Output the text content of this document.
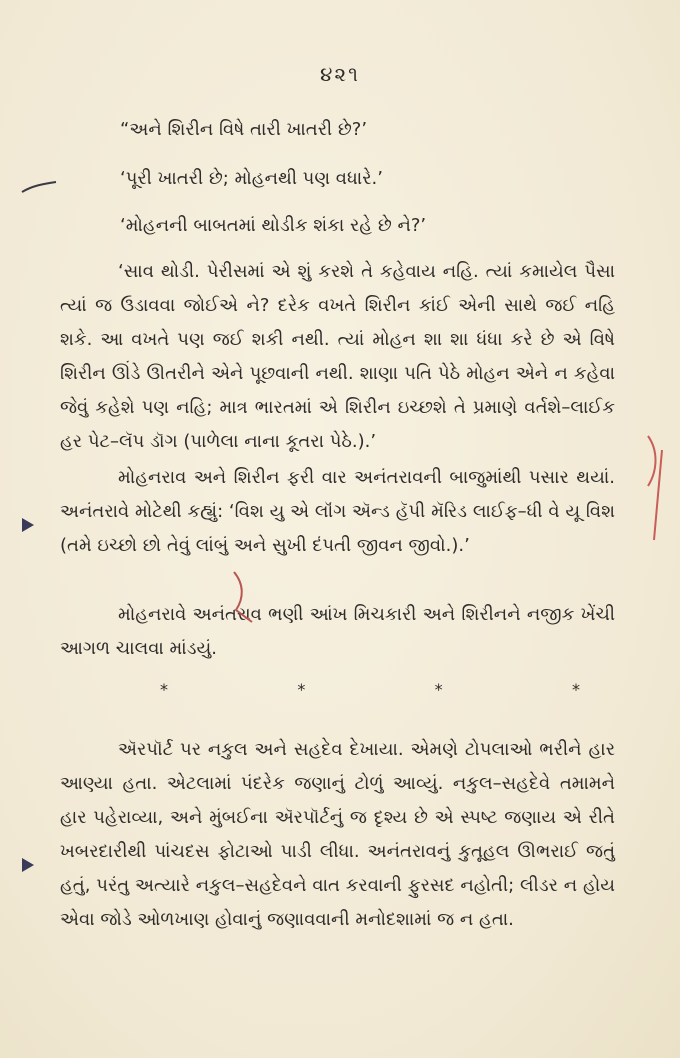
૪૨૧
“અને શિરીન વિષે તારી ખાતરી છે?’
‘પૂરી ખાતરી છે; મોહનથી પણ વધારે.’
‘મોહનની બાબતમાં થોડીક શંકા રહે છે ને?’
‘સાવ થોડી. પેરીસમાં એ શું કરશે તે કહેવાય નહિ. ત્યાં કમાયેલ પૈસા ત્યાં જ ઉડાવવા જોઈએ ને? દરેક વખતે શિરીન કાંઈ એની સાથે જઈ નહિ શકે. આ વખતે પણ જઈ શકી નથી. ત્યાં મોહન શા શા ધંધા કરે છે એ વિષે શિરીન ઊંડે ઊતરીને એને પૂછવાની નથી. શાણા પતિ પેઠે મોહન એને ન કહેવા જેવું કહેશે પણ નહિ; માત્ર ભારતમાં એ શિરીન ઇચ્છશે તે પ્રમાણે વર્તશે–લાઈક હર પેટ–લૅપ ડૉગ (પાળેલા નાના કૂતરા પેઠે.).’
મોહનરાવ અને શિરીન ફરી વાર અનંતરાવની બાજુમાંથી પસાર થયાં. અનંતરાવે મોટેથી કહ્યું: ‘વિશ યુ એ લૉંગ ઍન્ડ હૅપી મૅરિડ લાઈફ–ધી વે યૂ વિશ (તમે ઇચ્છો છો તેવું લાંબું અને સુખી દંપતી જીવન જીવો.).’
મોહનરાવે અનંતરાવ ભણી આંખ મિચકારી અને શિરીનને નજીક ખેંચી આગળ ચાલવા માંડયું.
*	*	*	*
ઍરપૉર્ટ પર નકુલ અને સહદેવ દેખાયા. એમણે ટોપલાઓ ભરીને હાર આણ્યા હતા. એટલામાં પંદરેક જણાનું ટોળું આવ્યું. નકુલ–સહદેવે તમામને હાર પહેરાવ્યા, અને મુંબઈના ઍરપૉર્ટનું જ દૃશ્ય છે એ સ્પષ્ટ જણાય એ રીતે ખબરદારીથી પાંચદસ ફોટાઓ પાડી લીધા. અનંતરાવનું કુતૂહલ ઊભરાઈ જતું હતું, પરંતુ અત્યારે નકુલ–સહદેવને વાત કરવાની ફુરસદ નહોતી; લીડર ન હોય એવા જોડે ઓળખાણ હોવાનું જણાવવાની મનોદશામાં જ ન હતા.
